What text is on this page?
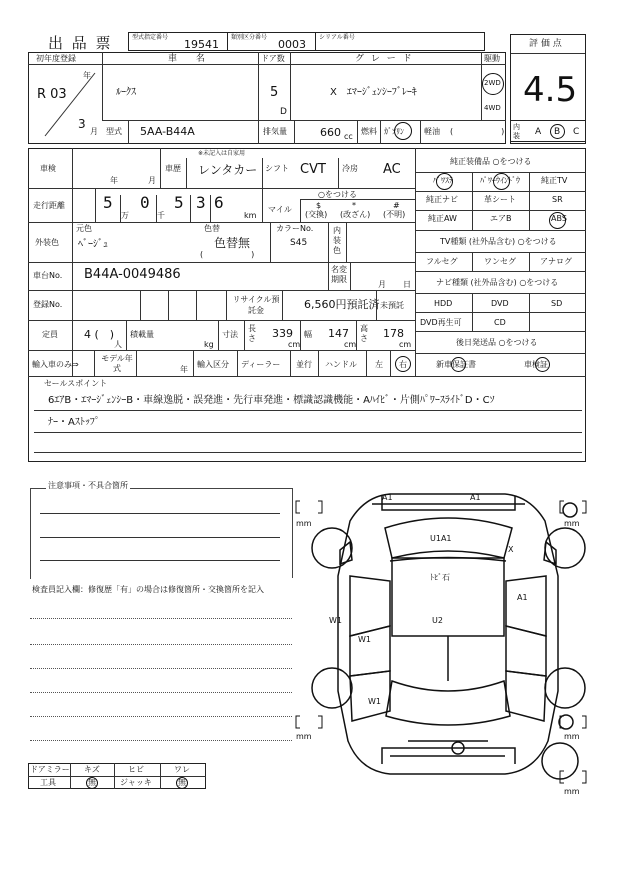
出 品 票	型式指定番号
19541
類別区分番号
0003
シリアル番号
評 価 点
4.5
初年度登録
年
R 03
3
月
車 名
ﾙｰｸｽ
ドア数
5
D
グ レ ー ド
X　ｴﾏｰｼﾞｪﾝｼｰﾌﾞﾚｰｷ
駆動
2WD
4WD
型式 5AA-B44A	排気量	660 cc
燃料 ｶﾞｿﾘﾝ	軽油 (　　　　　　) 内装	A B C
車検
年	月
※未記入は自家用
車歴 レンタカー シフト CVT 冷房 AC
走行距離 5
万
0
千
5 3 6
km
○をつける
マイル	$
(交換)
*
(改ざん)
#
(不明)
外装色
元色
ﾍﾞｰｼﾞｭ
色替
色替無
(　　　　　　)
カラーNo.
S45
内装色
車台No. B44A-0049486	名変期限
月 日
登録No.
リサイクル預託金	6,560円預託済 未預託
定員 4 (　)
人
積載量
kg
寸法
長さ 339
cm
幅 147
cm
高さ 178
cm
輸入車のみ⇒
モデル年式	年
輸入区分 ディーラー 並行 ハンドル 左 右
セールスポイント
6ｴｱB・ｴﾏｰｼﾞｪﾝｼｰB・車線逸脱・誤発進・先行車発進・標識認識機能・Aﾊｲﾋﾞ・片側ﾊﾟﾜｰｽﾗｲﾄﾞD・Cｿ
ﾅｰ・Aｽﾄｯﾌﾟ
純正装備品 ○をつける
ﾊﾟﾜｽﾃ	ﾊﾟﾜｰｳｲﾝﾄﾞｳ	純正TV
純正ナビ	革シート	SR
純正AW	エアB	ABS
TV種類 (社外品含む) ○をつける
フルセグ	ワンセグ	アナログ
ナビ種類 (社外品含む) ○をつける
HDD	DVD	SD
DVD再生可	CD
後日発送品 ○をつける
新車保証書	車検証
注意事項・不具合箇所
検査員記入欄：修復歴「有」の場合は修復箇所・交換箇所を記入
ドアミラー キズ	ヒビ	ワレ
工具	無	ジャッキ	無
mm	mm
mm	mm
mm
A1	A1
U1A1
X
ﾄﾋﾞ石
A1
W1
W1
U2
W1
